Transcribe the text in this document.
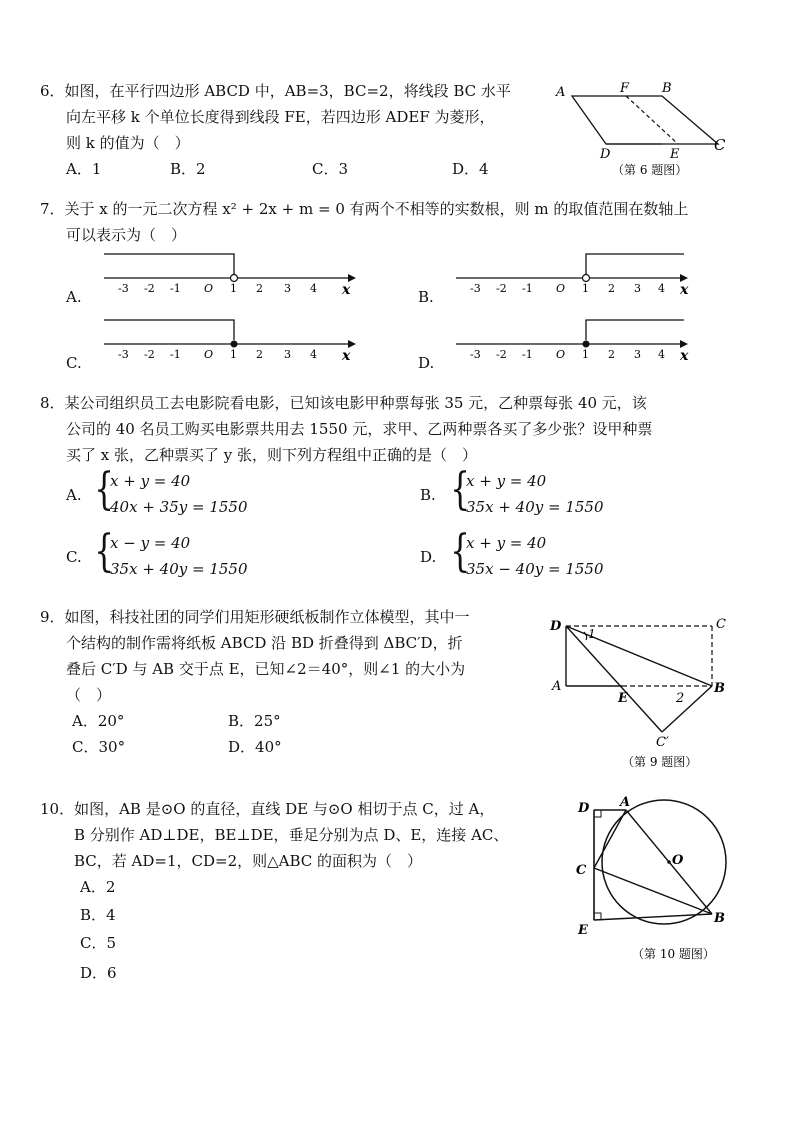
6．如图，在平行四边形 ABCD 中，AB=3，BC=2，将线段 BC 水平
向左平移 k 个单位长度得到线段 FE，若四边形 ADEF 为菱形，
则 k 的值为（　）
A．1	B．2	C．3	D．4
A	F	B
D	E
C
（第 6 题图）
7．关于 x 的一元二次方程 x² + 2x + m = 0 有两个不相等的实数根，则 m 的取值范围在数轴上
可以表示为（　）
A.	B.
C.	D.
-3 -2 -1 O 1 2 3 4 x	-3 -2 -1 O 1 2 3 4 x
-3 -2 -1 O 1 2 3 4 x	-3 -2 -1 O 1 2 3 4 x
8．某公司组织员工去电影院看电影，已知该电影甲种票每张 35 元，乙种票每张 40 元，该
公司的 40 名员工购买电影票共用去 1550 元，求甲、乙两种票各买了多少张？设甲种票
买了 x 张，乙种票买了 y 张，则下列方程组中正确的是（　）
A. {
x + y = 40
40x + 35y = 1550
B. {
x + y = 40
35x + 40y = 1550
C. {
x − y = 40
35x + 40y = 1550
D. {
x + y = 40
35x − 40y = 1550
9．如图，科技社团的同学们用矩形硬纸板制作立体模型，其中一
个结构的制作需将纸板 ABCD 沿 BD 折叠得到 ΔBC′D，折
叠后 C′D 与 AB 交于点 E，已知∠2＝40°，则∠1 的大小为
（　）
A．20°	B．25°
C．30°	D．40°
D 1
C
A
E	2
B
C′
（第 9 题图）
10．如图，AB 是⊙O 的直径，直线 DE 与⊙O 相切于点 C，过 A，
B 分别作 AD⊥DE，BE⊥DE，垂足分别为点 D、E，连接 AC、
BC，若 AD=1，CD=2，则△ABC 的面积为（　）
A．2
B．4
C．5
D．6
D A
O
C
B
E
（第 10 题图）
